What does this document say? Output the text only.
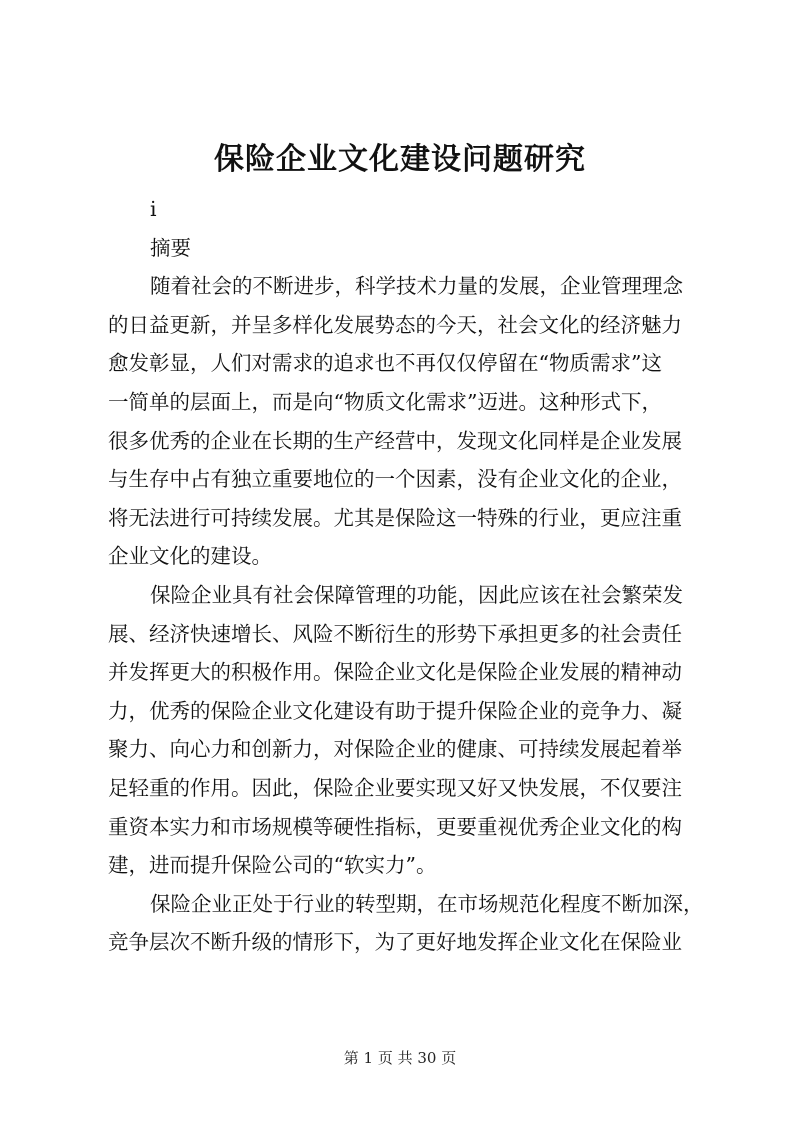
保险企业文化建设问题研究
i
摘要
随着社会的不断进步，科学技术力量的发展，企业管理理念
的日益更新，并呈多样化发展势态的今天，社会文化的经济魅力
愈发彰显，人们对需求的追求也不再仅仅停留在“物质需求”这
一简单的层面上，而是向“物质文化需求”迈进。这种形式下，
很多优秀的企业在长期的生产经营中，发现文化同样是企业发展
与生存中占有独立重要地位的一个因素，没有企业文化的企业，
将无法进行可持续发展。尤其是保险这一特殊的行业，更应注重
企业文化的建设。
保险企业具有社会保障管理的功能，因此应该在社会繁荣发
展、经济快速增长、风险不断衍生的形势下承担更多的社会责任
并发挥更大的积极作用。保险企业文化是保险企业发展的精神动
力，优秀的保险企业文化建设有助于提升保险企业的竞争力、凝
聚力、向心力和创新力，对保险企业的健康、可持续发展起着举
足轻重的作用。因此，保险企业要实现又好又快发展，不仅要注
重资本实力和市场规模等硬性指标，更要重视优秀企业文化的构
建，进而提升保险公司的“软实力”。
保险企业正处于行业的转型期，在市场规范化程度不断加深，
竞争层次不断升级的情形下，为了更好地发挥企业文化在保险业
第 1 页 共 30 页
